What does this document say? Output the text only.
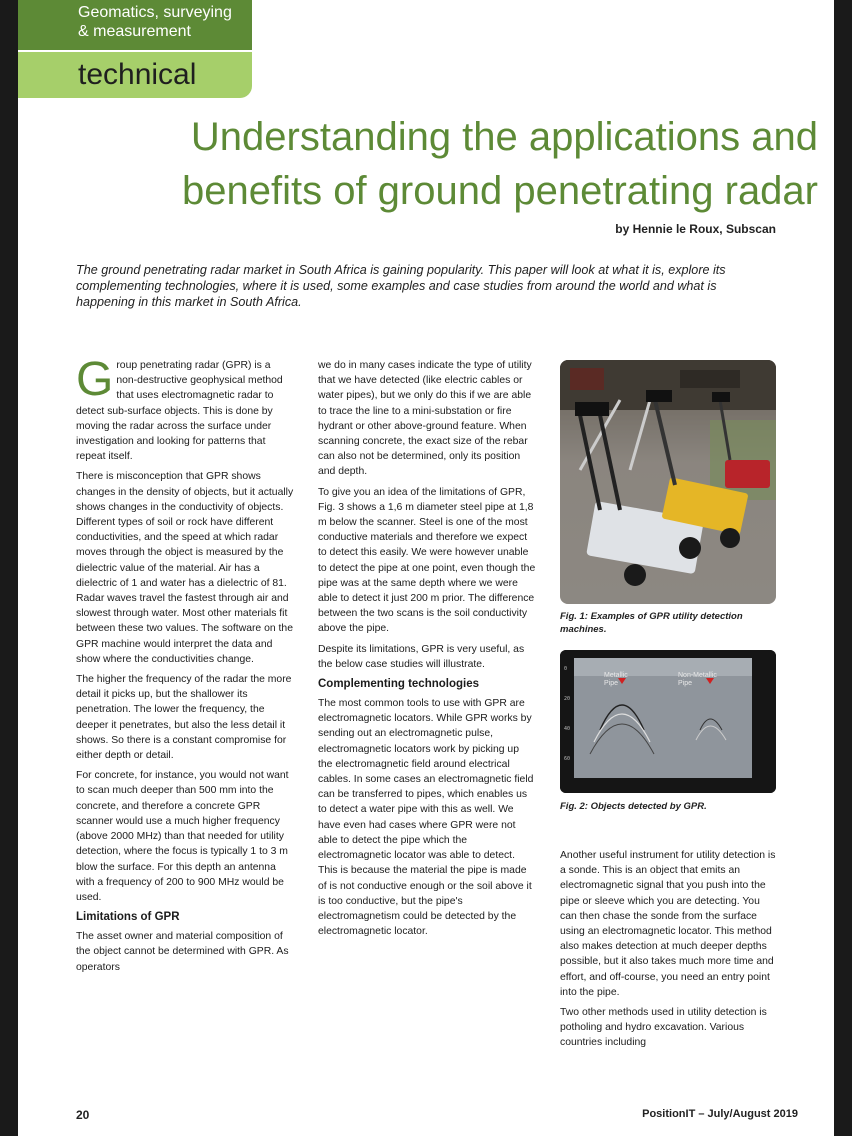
Geomatics, surveying
& measurement
technical
Understanding the applications and
benefits of ground penetrating radar
by Hennie le Roux, Subscan

The ground penetrating radar market in South Africa is gaining popularity. This paper will look at what it is, explore its complementing technologies, where it is used, some examples and case studies from around the world and what is happening in this market in South Africa.

Group penetrating radar (GPR) is a non-destructive geophysical method that uses electromagnetic radar to detect sub-surface objects. This is done by moving the radar across the surface under investigation and looking for patterns that repeat itself.

There is misconception that GPR shows changes in the density of objects, but it actually shows changes in the conductivity of objects. Different types of soil or rock have different conductivities, and the speed at which radar moves through the object is measured by the dielectric value of the material. Air has a dielectric of 1 and water has a dielectric of 81. Radar waves travel the fastest through air and slowest through water. Most other materials fit between these two values. The software on the GPR machine would interpret the data and show where the conductivities change.

The higher the frequency of the radar the more detail it picks up, but the shallower its penetration. The lower the frequency, the deeper it penetrates, but also the less detail it shows. So there is a constant compromise for either depth or detail.

For concrete, for instance, you would not want to scan much deeper than 500 mm into the concrete, and therefore a concrete GPR scanner would use a much higher frequency (above 2000 MHz) than that needed for utility detection, where the focus is typically 1 to 3 m blow the surface. For this depth an antenna with a frequency of 200 to 900 MHz would be used.

Limitations of GPR

The asset owner and material composition of the object cannot be determined with GPR. As operators

we do in many cases indicate the type of utility that we have detected (like electric cables or water pipes), but we only do this if we are able to trace the line to a mini-substation or fire hydrant or other above-ground feature. When scanning concrete, the exact size of the rebar can also not be determined, only its position and depth.

To give you an idea of the limitations of GPR, Fig. 3 shows a 1,6 m diameter steel pipe at 1,8 m below the scanner. Steel is one of the most conductive materials and therefore we expect to detect this easily. We were however unable to detect the pipe at one point, even though the pipe was at the same depth where we were able to detect it just 200 m prior. The difference between the two scans is the soil conductivity above the pipe.

Despite its limitations, GPR is very useful, as the below case studies will illustrate.

Complementing technologies

The most common tools to use with GPR are electromagnetic locators. While GPR works by sending out an electromagnetic pulse, electromagnetic locators work by picking up the electromagnetic field around electrical cables. In some cases an electromagnetic field can be transferred to pipes, which enables us to detect a water pipe with this as well. We have even had cases where GPR were not able to detect the pipe which the electromagnetic locator was able to detect. This is because the material the pipe is made of is not conductive enough or the soil above it is too conductive, but the pipe's electromagnetism could be detected by the electromagnetic locator.

Fig. 1: Examples of GPR utility detection machines.
0
20
40
60
Metallic
Pipe
Non-Metallic
Pipe
Fig. 2: Objects detected by GPR.

Another useful instrument for utility detection is a sonde. This is an object that emits an electromagnetic signal that you push into the pipe or sleeve which you are detecting. You can then chase the sonde from the surface using an electromagnetic locator. This method also makes detection at much deeper depths possible, but it also takes much more time and effort, and off-course, you need an entry point into the pipe.

Two other methods used in utility detection is potholing and hydro excavation. Various countries including

20	PositionIT – July/August 2019
